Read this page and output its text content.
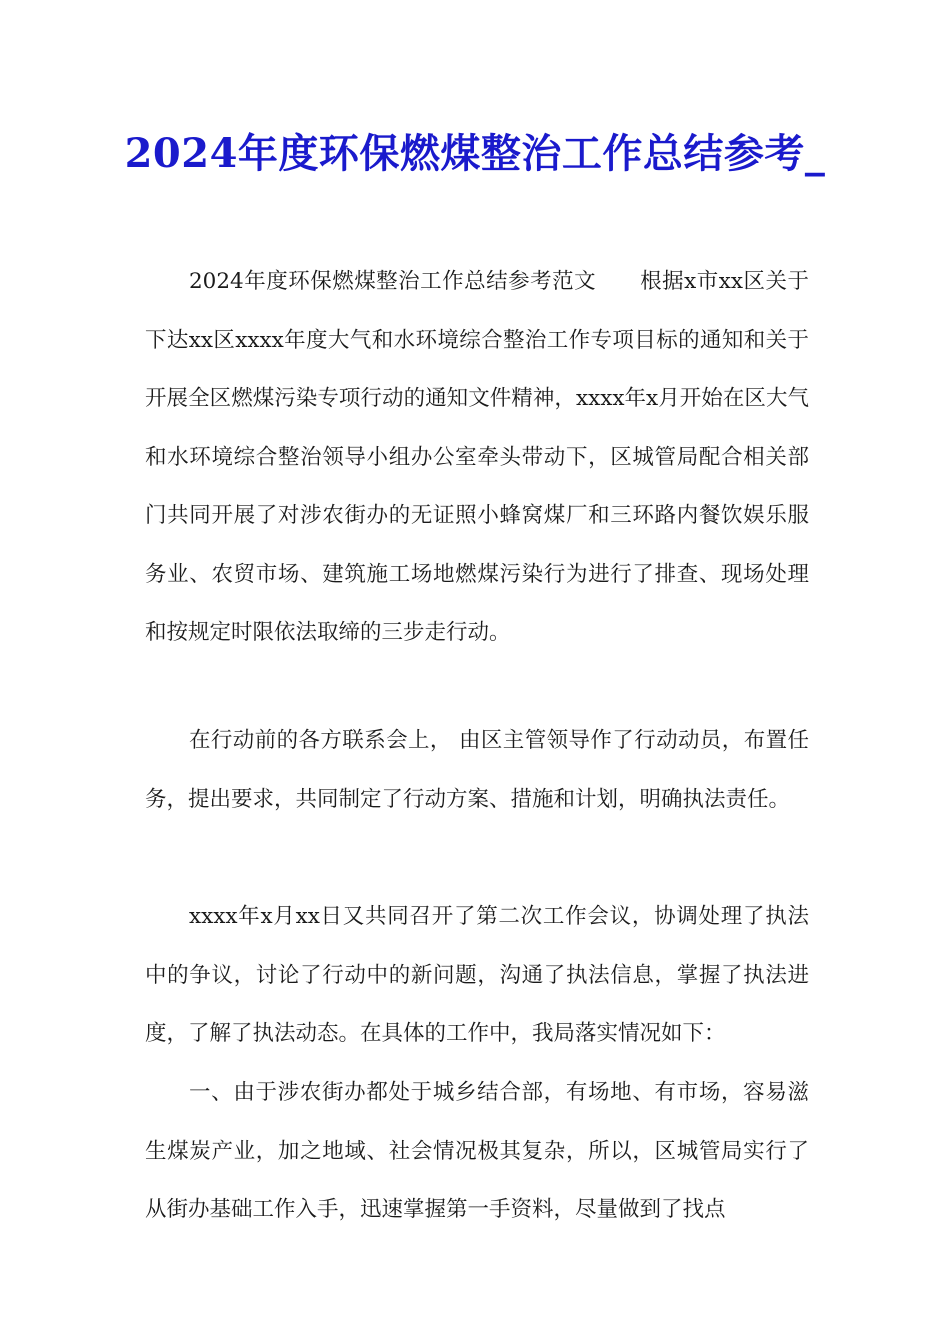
2024年度环保燃煤整治工作总结参考_

2024年度环保燃煤整治工作总结参考范文　　根据x市xx区关于下达xx区xxxx年度大气和水环境综合整治工作专项目标的通知和关于开展全区燃煤污染专项行动的通知文件精神，xxxx年x月开始在区大气和水环境综合整治领导小组办公室牵头带动下，区城管局配合相关部门共同开展了对涉农街办的无证照小蜂窝煤厂和三环路内餐饮娱乐服务业、农贸市场、建筑施工场地燃煤污染行为进行了排查、现场处理和按规定时限依法取缔的三步走行动。

在行动前的各方联系会上， 由区主管领导作了行动动员，布置任务，提出要求，共同制定了行动方案、措施和计划，明确执法责任。

xxxx年x月xx日又共同召开了第二次工作会议，协调处理了执法中的争议，讨论了行动中的新问题，沟通了执法信息，掌握了执法进度，了解了执法动态。在具体的工作中，我局落实情况如下：

一、由于涉农街办都处于城乡结合部，有场地、有市场，容易滋生煤炭产业，加之地域、社会情况极其复杂，所以，区城管局实行了从街办基础工作入手，迅速掌握第一手资料，尽量做到了找点
